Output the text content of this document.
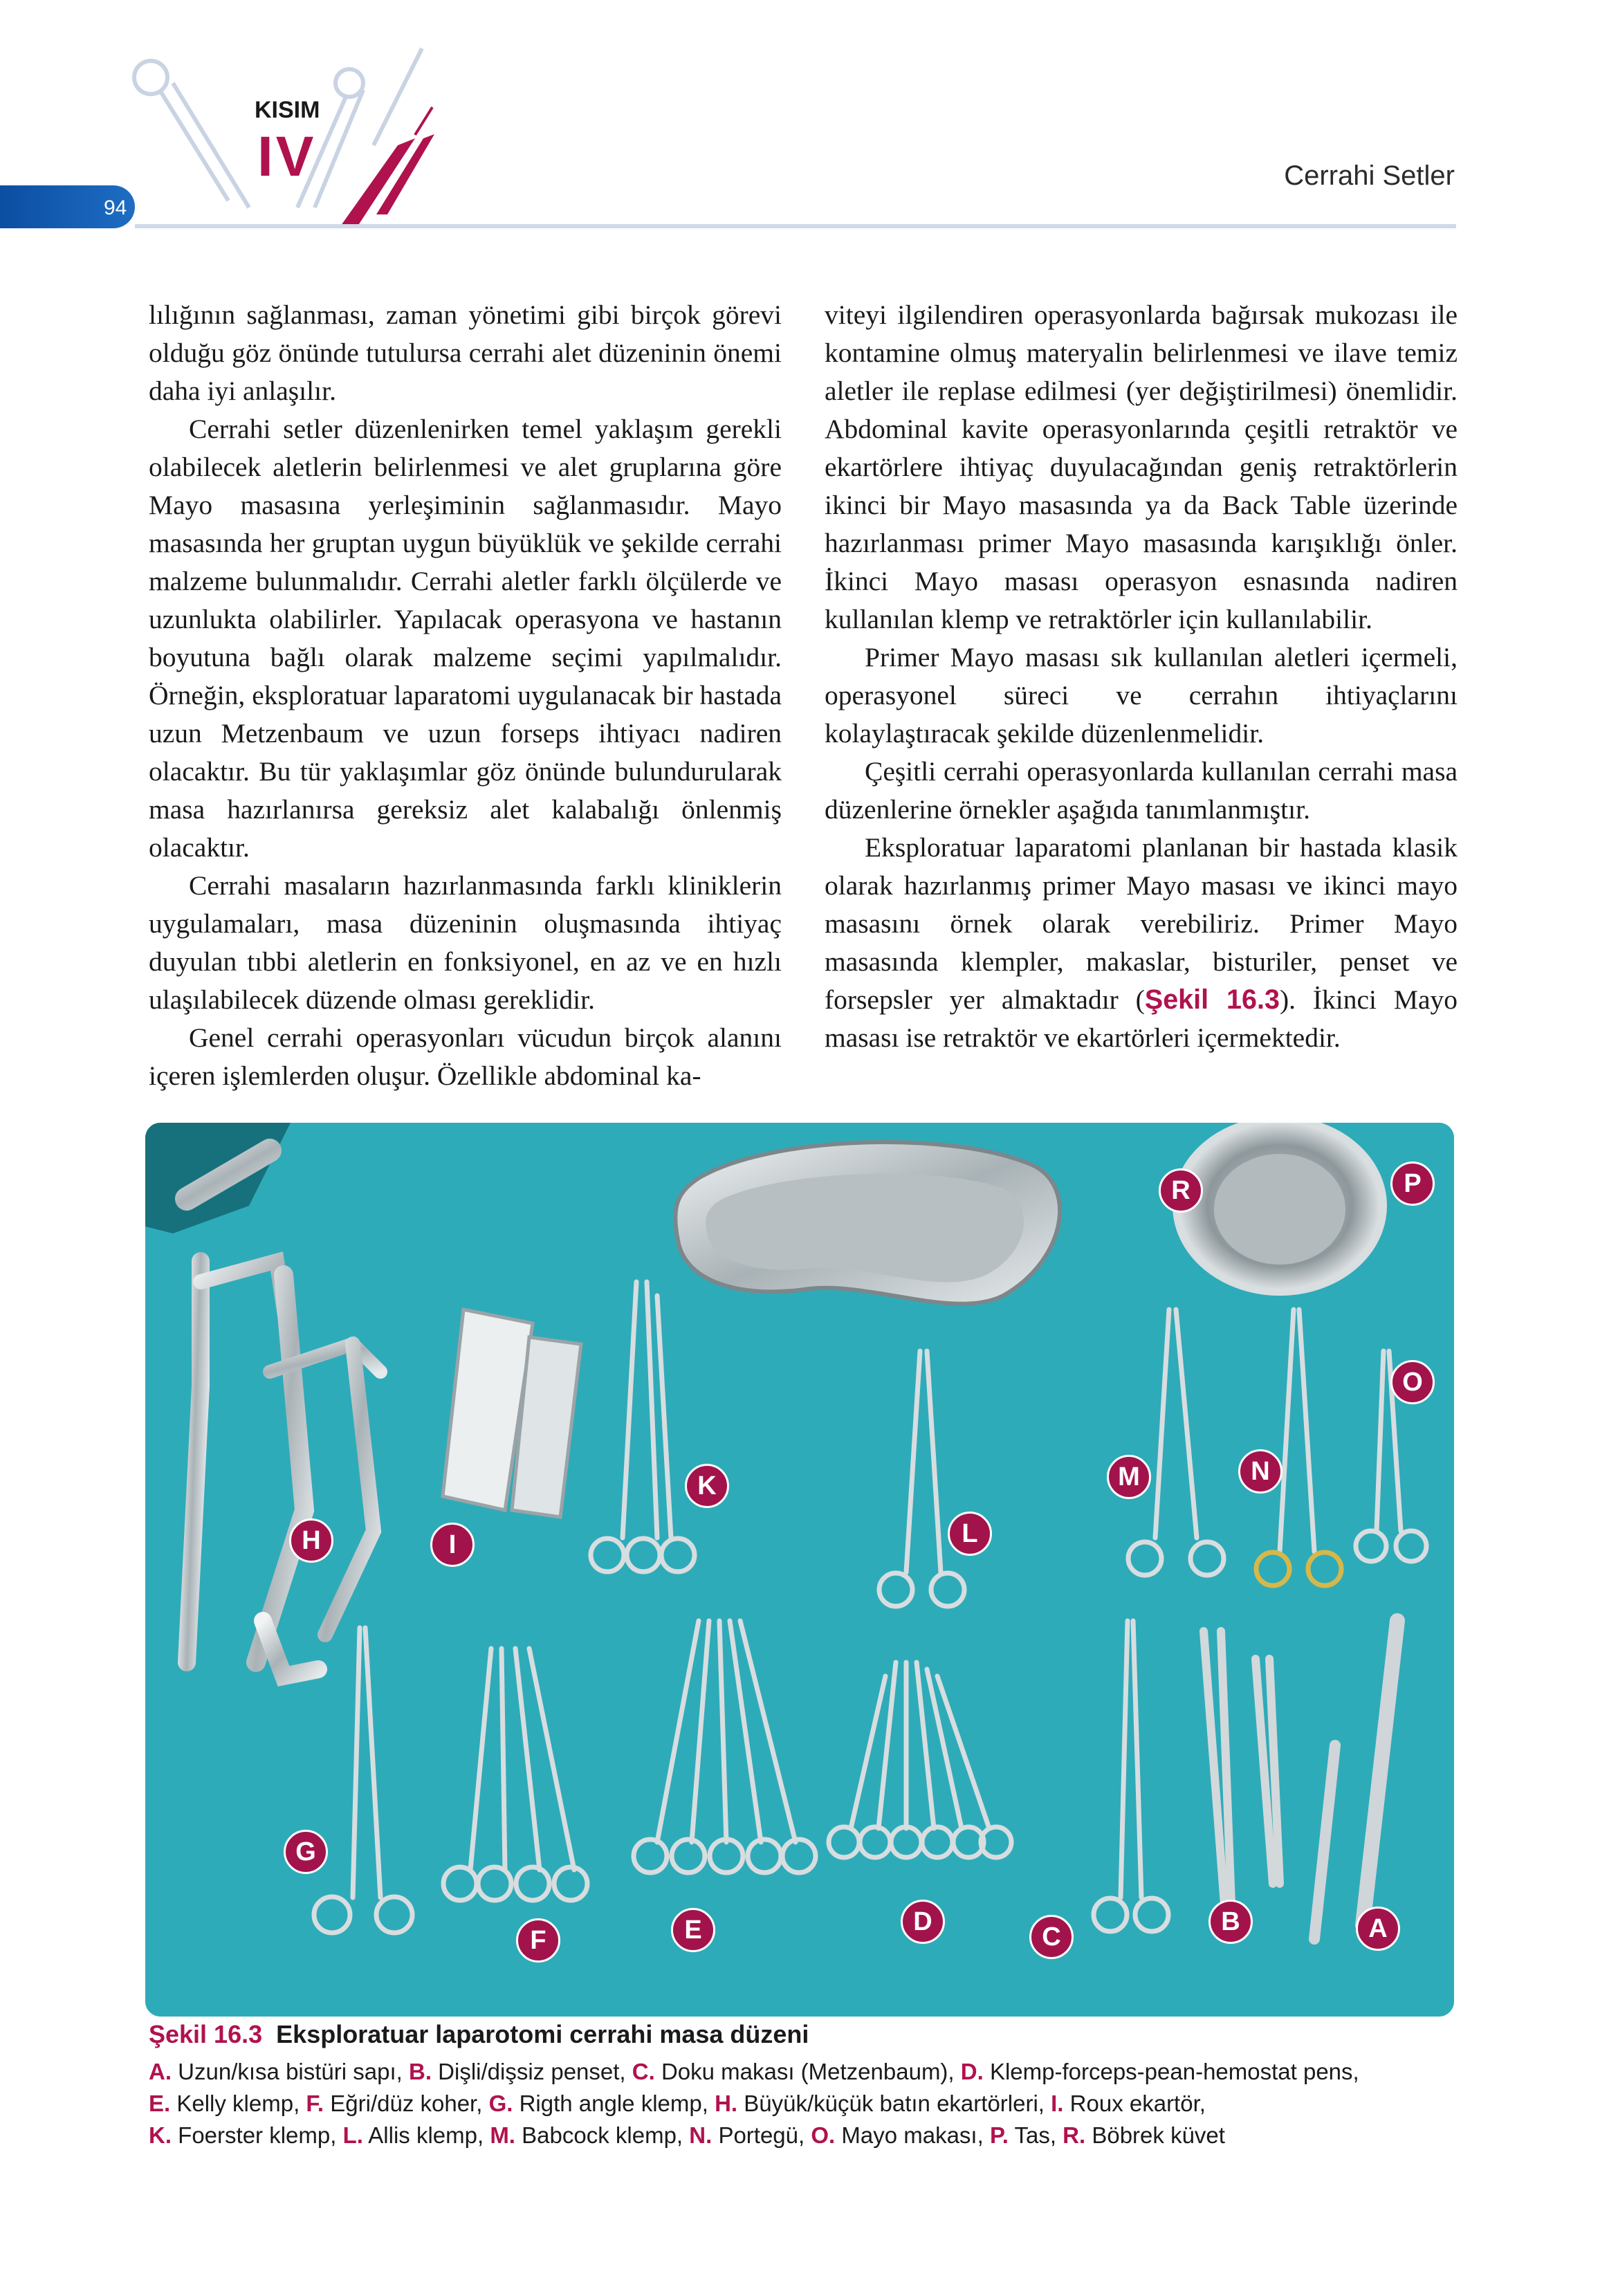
KISIM
IV
94
Cerrahi Setler

lılığının sağlanması, zaman yönetimi gibi birçok görevi olduğu göz önünde tutulursa cerrahi alet düzeninin önemi daha iyi anlaşılır.

Cerrahi setler düzenlenirken temel yaklaşım gerekli olabilecek aletlerin belirlenmesi ve alet gruplarına göre Mayo masasına yerleşiminin sağlanmasıdır. Mayo masasında her gruptan uygun büyüklük ve şekilde cerrahi malzeme bulunmalıdır. Cerrahi aletler farklı ölçülerde ve uzunlukta olabilirler. Yapılacak operasyona ve hastanın boyutuna bağlı olarak malzeme seçimi yapılmalıdır. Örneğin, eksploratuar laparatomi uygulanacak bir hastada uzun Metzenbaum ve uzun forseps ihtiyacı nadiren olacaktır. Bu tür yaklaşımlar göz önünde bulundurularak masa hazırlanırsa gereksiz alet kalabalığı önlenmiş olacaktır.

Cerrahi masaların hazırlanmasında farklı kliniklerin uygulamaları, masa düzeninin oluşmasında ihtiyaç duyulan tıbbi aletlerin en fonksiyonel, en az ve en hızlı ulaşılabilecek düzende olması gereklidir.

Genel cerrahi operasyonları vücudun birçok alanını içeren işlemlerden oluşur. Özellikle abdominal ka-

viteyi ilgilendiren operasyonlarda bağırsak mukozası ile kontamine olmuş materyalin belirlenmesi ve ilave temiz aletler ile replase edilmesi (yer değiştirilmesi) önemlidir. Abdominal kavite operasyonlarında çeşitli retraktör ve ekartörlere ihtiyaç duyulacağından geniş retraktörlerin ikinci bir Mayo masasında ya da Back Table üzerinde hazırlanması primer Mayo masasında karışıklığı önler. İkinci Mayo masası operasyon esnasında nadiren kullanılan klemp ve retraktörler için kullanılabilir.

Primer Mayo masası sık kullanılan aletleri içermeli, operasyonel süreci ve cerrahın ihtiyaçlarını kolaylaştıracak şekilde düzenlenmelidir.

Çeşitli cerrahi operasyonlarda kullanılan cerrahi masa düzenlerine örnekler aşağıda tanımlanmıştır.

Eksploratuar laparatomi planlanan bir hastada klasik olarak hazırlanmış primer Mayo masası ve ikinci mayo masasını örnek olarak verebiliriz. Primer Mayo masasında klempler, makaslar, bisturiler, penset ve forsepsler yer almaktadır (Şekil 16.3). İkinci Mayo masası ise retraktör ve ekartörleri içermektedir.

R	P
O
M	N
K
L
H	I
G
F	E	D
C
B	A
Şekil 16.3 Eksploratuar laparotomi cerrahi masa düzeni
A. Uzun/kısa bistüri sapı, B. Dişli/dişsiz penset, C. Doku makası (Metzenbaum), D. Klemp-forceps-pean-hemostat pens,
E. Kelly klemp, F. Eğri/düz koher, G. Rigth angle klemp, H. Büyük/küçük batın ekartörleri, I. Roux ekartör,
K. Foerster klemp, L. Allis klemp, M. Babcock klemp, N. Portegü, O. Mayo makası, P. Tas, R. Böbrek küvet
